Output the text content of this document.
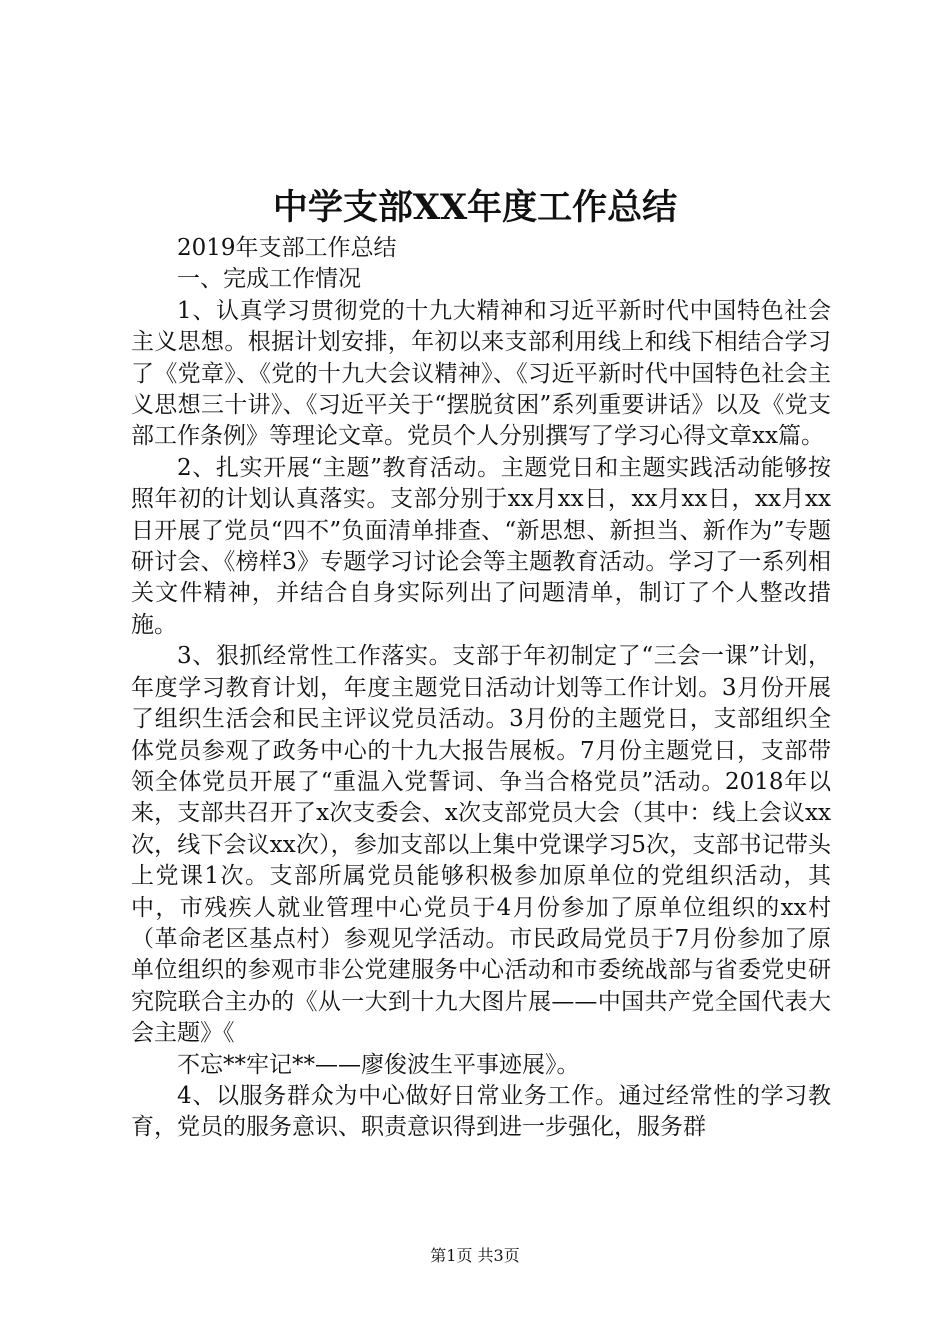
中学支部XX年度工作总结

2019年支部工作总结

一、完成工作情况

1、认真学习贯彻党的十九大精神和习近平新时代中国特色社会主义思想。根据计划安排，年初以来支部利用线上和线下相结合学习了《党章》、《党的十九大会议精神》、《习近平新时代中国特色社会主义思想三十讲》、《习近平关于“摆脱贫困”系列重要讲话》以及《党支部工作条例》等理论文章。党员个人分别撰写了学习心得文章xx篇。

2、扎实开展“主题”教育活动。主题党日和主题实践活动能够按照年初的计划认真落实。支部分别于xx月xx日，xx月xx日，xx月xx日开展了党员“四不”负面清单排查、“新思想、新担当、新作为”专题研讨会、《榜样3》专题学习讨论会等主题教育活动。学习了一系列相关文件精神，并结合自身实际列出了问题清单，制订了个人整改措施。

3、狠抓经常性工作落实。支部于年初制定了“三会一课”计划，年度学习教育计划，年度主题党日活动计划等工作计划。3月份开展了组织生活会和民主评议党员活动。3月份的主题党日，支部组织全体党员参观了政务中心的十九大报告展板。7月份主题党日，支部带领全体党员开展了“重温入党誓词、争当合格党员”活动。2018年以来，支部共召开了x次支委会、x次支部党员大会（其中：线上会议xx次，线下会议xx次），参加支部以上集中党课学习5次，支部书记带头上党课1次。支部所属党员能够积极参加原单位的党组织活动，其中，市残疾人就业管理中心党员于4月份参加了原单位组织的xx村（革命老区基点村）参观见学活动。市民政局党员于7月份参加了原单位组织的参观市非公党建服务中心活动和市委统战部与省委党史研究院联合主办的《从一大到十九大图片展——中国共产党全国代表大会主题》《

不忘**牢记**——廖俊波生平事迹展》。

4、以服务群众为中心做好日常业务工作。通过经常性的学习教育，党员的服务意识、职责意识得到进一步强化，服务群

第1页 共3页
